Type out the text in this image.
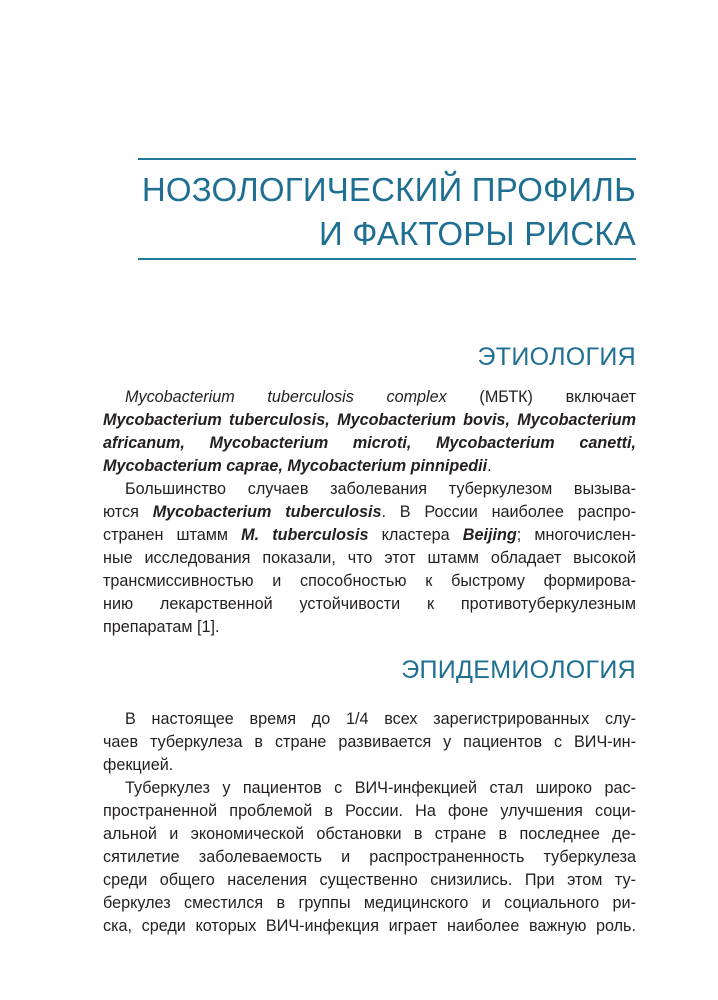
НОЗОЛОГИЧЕСКИЙ ПРОФИЛЬ
И ФАКТОРЫ РИСКА
ЭТИОЛОГИЯ
Mycobacterium tuberculosis complex (МБТК) включает
Mycobacterium tuberculosis, Mycobacterium bovis, Mycobacterium
africanum, Mycobacterium microti, Mycobacterium canetti,
Mycobacterium caprae, Mycobacterium pinnipedii.
Большинство случаев заболевания туберкулезом вызыва-
ются Mycobacterium tuberculosis. В России наиболее распро-
странен штамм M. tuberculosis кластера Beijing; многочислен-
ные исследования показали, что этот штамм обладает высокой
трансмиссивностью и способностью к быстрому формирова-
нию лекарственной устойчивости к противотуберкулезным
препаратам [1].
ЭПИДЕМИОЛОГИЯ
В настоящее время до 1/4 всех зарегистрированных слу-
чаев туберкулеза в стране развивается у пациентов с ВИЧ-ин-
фекцией.
Туберкулез у пациентов с ВИЧ-инфекцией стал широко рас-
пространенной проблемой в России. На фоне улучшения соци-
альной и экономической обстановки в стране в последнее де-
сятилетие заболеваемость и распространенность туберкулеза
среди общего населения существенно снизились. При этом ту-
беркулез сместился в группы медицинского и социального ри-
ска, среди которых ВИЧ-инфекция играет наиболее важную роль.
